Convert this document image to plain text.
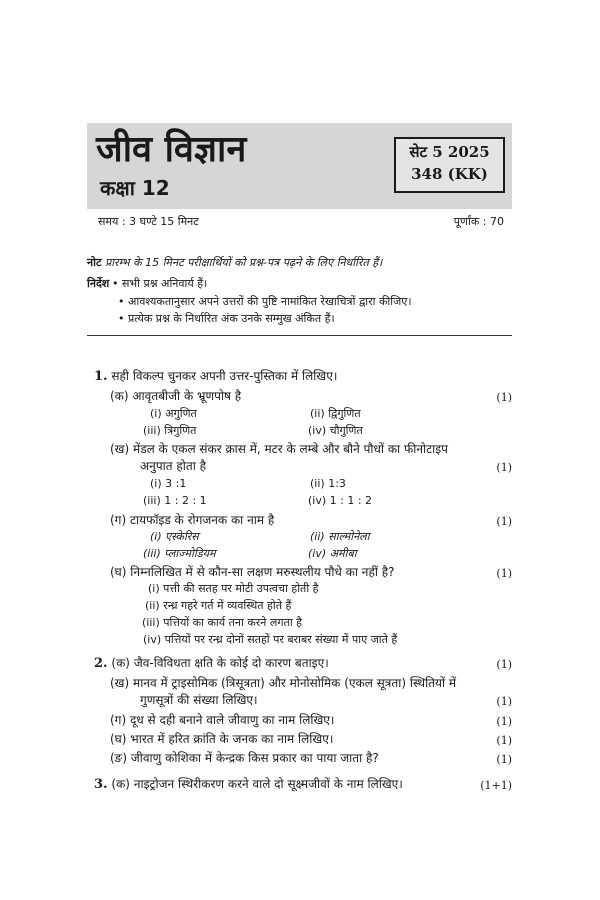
जीव विज्ञान
कक्षा 12
सेट 5 2025
348 (KK)
समय : 3 घण्टे 15 मिनट	पूर्णांक : 70
नोट प्रारम्भ के 15 मिनट परीक्षार्थियों को प्रश्न-पत्र पढ़ने के लिए निर्धारित हैं।
निर्देश • सभी प्रश्न अनिवार्य हैं।
• आवश्यकतानुसार अपने उत्तरों की पुष्टि नामांकित रेखाचित्रों द्वारा कीजिए।
• प्रत्येक प्रश्न के निर्धारित अंक उनके सम्मुख अंकित हैं।
1. सही विकल्प चुनकर अपनी उत्तर-पुस्तिका में लिखिए।
(क) आवृतबीजी के भ्रूणपोष है	(1)
(i) अगुणित	(ii) द्विगुणित
(iii) त्रिगुणित	(iv) चौगुणित
(ख) मेंडल के एकल संकर क्रास में, मटर के लम्बे और बौने पौधों का फीनोटाइप
अनुपात होता है	(1)
(i) 3 :1	(ii) 1:3
(iii) 1 : 2 : 1	(iv) 1 : 1 : 2
(ग) टायफॉइड के रोगजनक का नाम है	(1)
(i) एस्केरिस	(ii) साल्मोनेला
(iii) प्लाज्मोडियम	(iv) अमीबा
(घ) निम्नलिखित में से कौन-सा लक्षण मरुस्थलीय पौधे का नहीं है?	(1)
(i) पत्ती की सतह पर मोटी उपत्वचा होती है
(ii) रन्ध्र गहरे गर्त में व्यवस्थित होते हैं
(iii) पत्तियों का कार्य तना करने लगता है
(iv) पत्तियों पर रन्ध्र दोनों सतहों पर बराबर संख्या में पाए जाते हैं
2. (क) जैव-विविधता क्षति के कोई दो कारण बताइए।	(1)
(ख) मानव में ट्राइसोमिक (त्रिसूत्रता) और मोनोसोमिक (एकल सूत्रता) स्थितियों में
गुणसूत्रों की संख्या लिखिए।	(1)
(ग) दूध से दही बनाने वाले जीवाणु का नाम लिखिए।	(1)
(घ) भारत में हरित क्रांति के जनक का नाम लिखिए।	(1)
(ङ) जीवाणु कोशिका में केन्द्रक किस प्रकार का पाया जाता है?	(1)
3. (क) नाइट्रोजन स्थिरीकरण करने वाले दो सूक्ष्मजीवों के नाम लिखिए।	(1+1)
